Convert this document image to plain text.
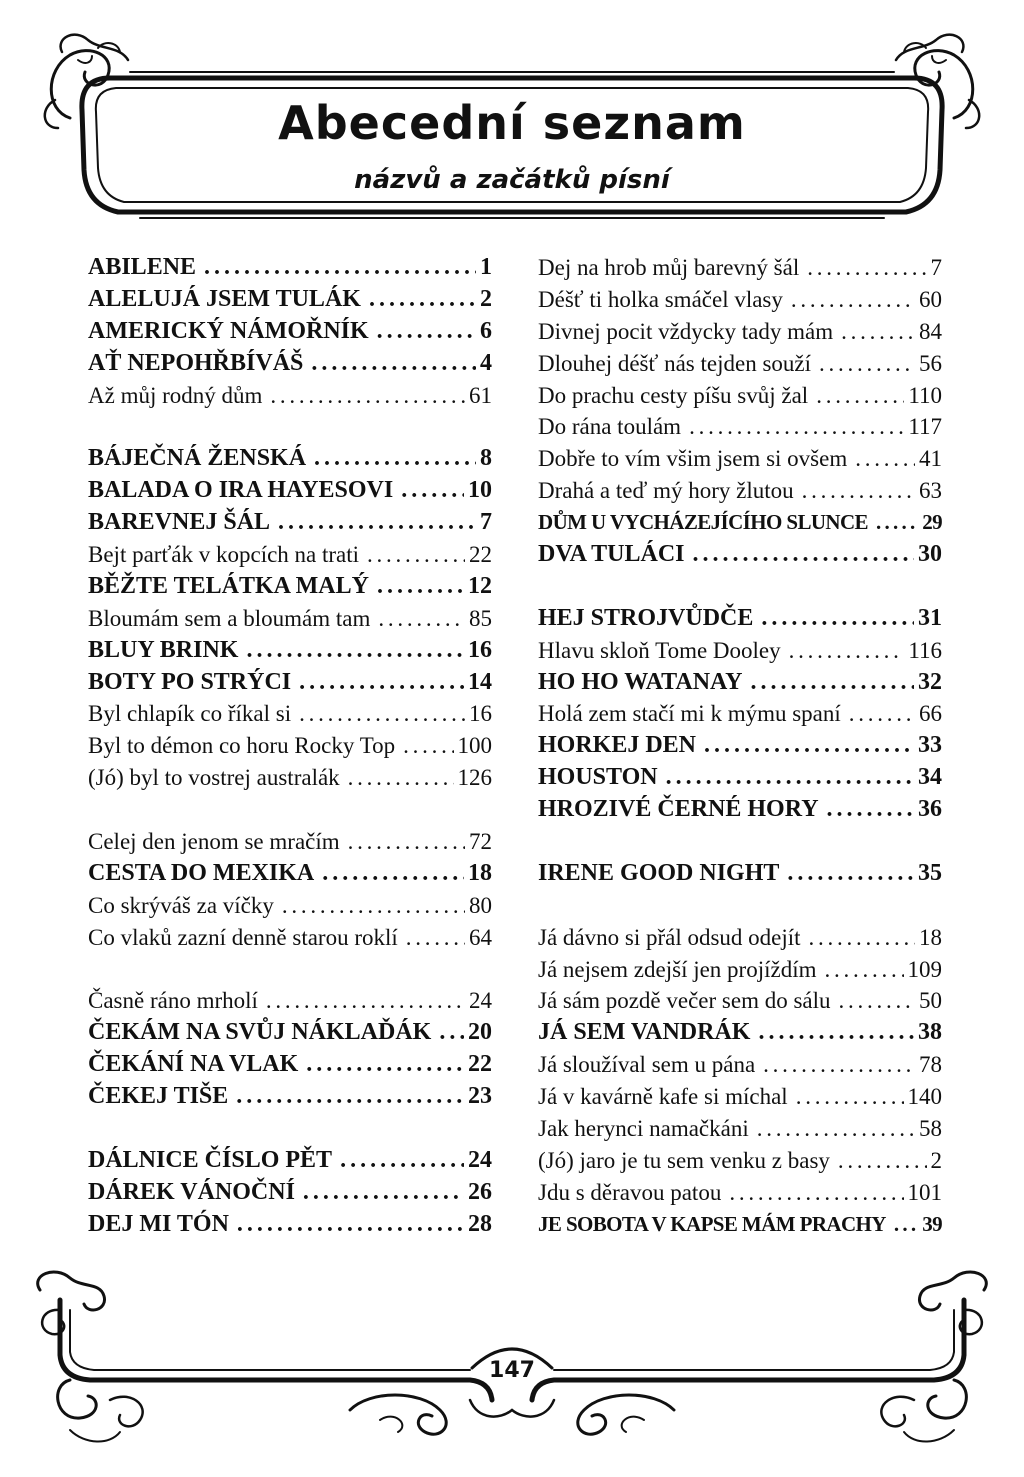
Abecední seznam
názvů a začátků písní
ABILENE . . .	1
ALELUJÁ JSEM TULÁK . . .	2
AMERICKÝ NÁMOŘNÍK . . .	6
AŤ NEPOHŘBÍVÁŠ . . .	4
Až můj rodný dům . . .	61
BÁJEČNÁ ŽENSKÁ . . .	8
BALADA O IRA HAYESOVI . . .	10
BAREVNEJ ŠÁL . . .	7
Bejt parťák v kopcích na trati . . .	22
BĚŽTE TELÁTKA MALÝ . . .	12
Bloumám sem a bloumám tam . . .	85
BLUY BRINK . . .	16
BOTY PO STRÝCI . . .	14
Byl chlapík co říkal si . . .	16
Byl to démon co horu Rocky Top . . .	100
(Jó) byl to vostrej australák . . .	126
Celej den jenom se mračím . . .	72
CESTA DO MEXIKA . . .	18
Co skrýváš za víčky . . .	80
Co vlaků zazní denně starou roklí . . .	64
Časně ráno mrholí . . .	24
ČEKÁM NA SVŮJ NÁKLAĎÁK . . . 20
ČEKÁNÍ NA VLAK . . .	22
ČEKEJ TIŠE . . .	23
DÁLNICE ČÍSLO PĚT . . .	24
DÁREK VÁNOČNÍ . . .	26
DEJ MI TÓN . . .	28
Dej na hrob můj barevný šál . . .	7
Déšť ti holka smáčel vlasy . . .	60
Divnej pocit vždycky tady mám . . .	84
Dlouhej déšť nás tejden souží . . .	56
Do prachu cesty píšu svůj žal . . .	110
Do rána toulám . . .	117
Dobře to vím všim jsem si ovšem . . .	41
Drahá a teď mý hory žlutou . . .	63
DŮM U VYCHÁZEJÍCÍHO SLUNCE . . .	29
DVA TULÁCI . . .	30
HEJ STROJVŮDČE . . .	31
Hlavu skloň Tome Dooley . . .	116
HO HO WATANAY . . .	32
Holá zem stačí mi k mýmu spaní . . .	66
HORKEJ DEN . . .	33
HOUSTON . . .	34
HROZIVÉ ČERNÉ HORY . . .	36
IRENE GOOD NIGHT . . .	35
Já dávno si přál odsud odejít . . .	18
Já nejsem zdejší jen projíždím . . .	109
Já sám pozdě večer sem do sálu . . .	50
JÁ SEM VANDRÁK . . .	38
Já sloužíval sem u pána . . .	78
Já v kavárně kafe si míchal . . .	140
Jak herynci namačkáni . . .	58
(Jó) jaro je tu sem venku z basy . . .	2
Jdu s děravou patou . . .	101
JE SOBOTA V KAPSE MÁM PRACHY . . . 39
147
